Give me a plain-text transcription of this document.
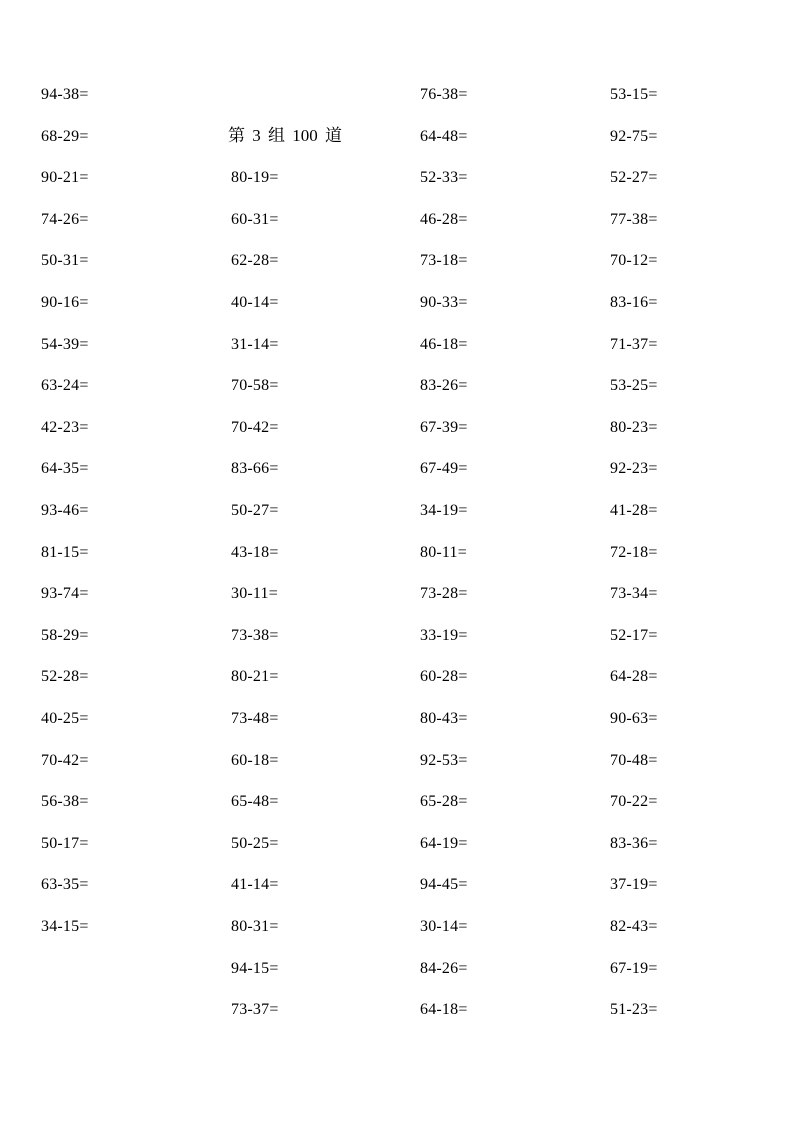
第 3 组 100 道
94-38=
68-29=
90-21=
74-26=
50-31=
90-16=
54-39=
63-24=
42-23=
64-35=
93-46=
81-15=
93-74=
58-29=
52-28=
40-25=
70-42=
56-38=
50-17=
63-35=
34-15=
80-19=
60-31=
62-28=
40-14=
31-14=
70-58=
70-42=
83-66=
50-27=
43-18=
30-11=
73-38=
80-21=
73-48=
60-18=
65-48=
50-25=
41-14=
80-31=
94-15=
73-37=
76-38=
64-48=
52-33=
46-28=
73-18=
90-33=
46-18=
83-26=
67-39=
67-49=
34-19=
80-11=
73-28=
33-19=
60-28=
80-43=
92-53=
65-28=
64-19=
94-45=
30-14=
84-26=
64-18=
53-15=
92-75=
52-27=
77-38=
70-12=
83-16=
71-37=
53-25=
80-23=
92-23=
41-28=
72-18=
73-34=
52-17=
64-28=
90-63=
70-48=
70-22=
83-36=
37-19=
82-43=
67-19=
51-23=
